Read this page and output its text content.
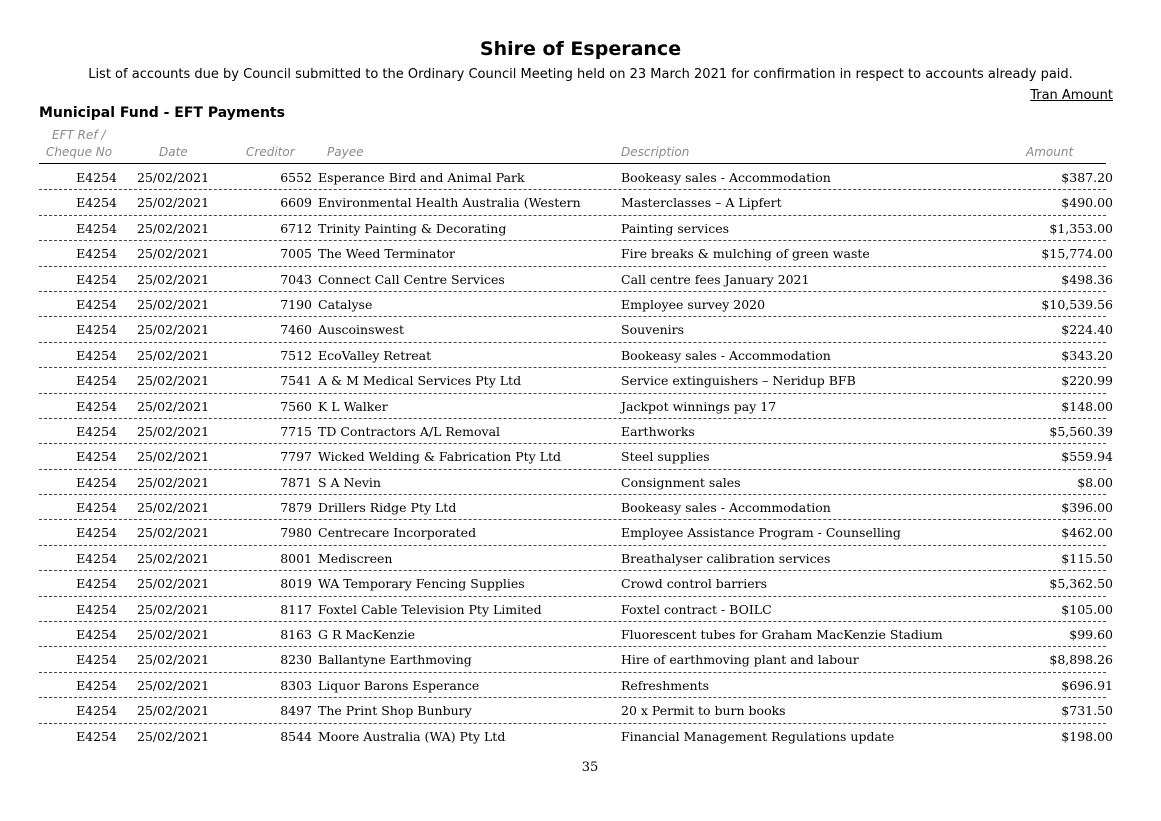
Shire of Esperance
List of accounts due by Council submitted to the Ordinary Council Meeting held on 23 March 2021 for confirmation in respect to accounts already paid.
Tran Amount
Municipal Fund - EFT Payments
EFT Ref /
Cheque No	Date	Creditor	Payee	Description	Amount
E4254 25/02/2021	6552 Esperance Bird and Animal Park	Bookeasy sales - Accommodation	$387.20
E4254 25/02/2021	6609 Environmental Health Australia (Western	Masterclasses – A Lipfert	$490.00
E4254 25/02/2021	6712 Trinity Painting & Decorating	Painting services	$1,353.00
E4254 25/02/2021	7005 The Weed Terminator	Fire breaks & mulching of green waste	$15,774.00
E4254 25/02/2021	7043 Connect Call Centre Services	Call centre fees January 2021	$498.36
E4254 25/02/2021	7190 Catalyse	Employee survey 2020	$10,539.56
E4254 25/02/2021	7460 Auscoinswest	Souvenirs	$224.40
E4254 25/02/2021	7512 EcoValley Retreat	Bookeasy sales - Accommodation	$343.20
E4254 25/02/2021	7541 A & M Medical Services Pty Ltd	Service extinguishers – Neridup BFB	$220.99
E4254 25/02/2021	7560 K L Walker	Jackpot winnings pay 17	$148.00
E4254 25/02/2021	7715 TD Contractors A/L Removal	Earthworks	$5,560.39
E4254 25/02/2021	7797 Wicked Welding & Fabrication Pty Ltd	Steel supplies	$559.94
E4254 25/02/2021	7871 S A Nevin	Consignment sales	$8.00
E4254 25/02/2021	7879 Drillers Ridge Pty Ltd	Bookeasy sales - Accommodation	$396.00
E4254 25/02/2021	7980 Centrecare Incorporated	Employee Assistance Program - Counselling	$462.00
E4254 25/02/2021	8001 Mediscreen	Breathalyser calibration services	$115.50
E4254 25/02/2021	8019 WA Temporary Fencing Supplies	Crowd control barriers	$5,362.50
E4254 25/02/2021	8117 Foxtel Cable Television Pty Limited	Foxtel contract - BOILC	$105.00
E4254 25/02/2021	8163 G R MacKenzie	Fluorescent tubes for Graham MacKenzie Stadium	$99.60
E4254 25/02/2021	8230 Ballantyne Earthmoving	Hire of earthmoving plant and labour	$8,898.26
E4254 25/02/2021	8303 Liquor Barons Esperance	Refreshments	$696.91
E4254 25/02/2021	8497 The Print Shop Bunbury	20 x Permit to burn books	$731.50
E4254 25/02/2021	8544 Moore Australia (WA) Pty Ltd	Financial Management Regulations update	$198.00
35
